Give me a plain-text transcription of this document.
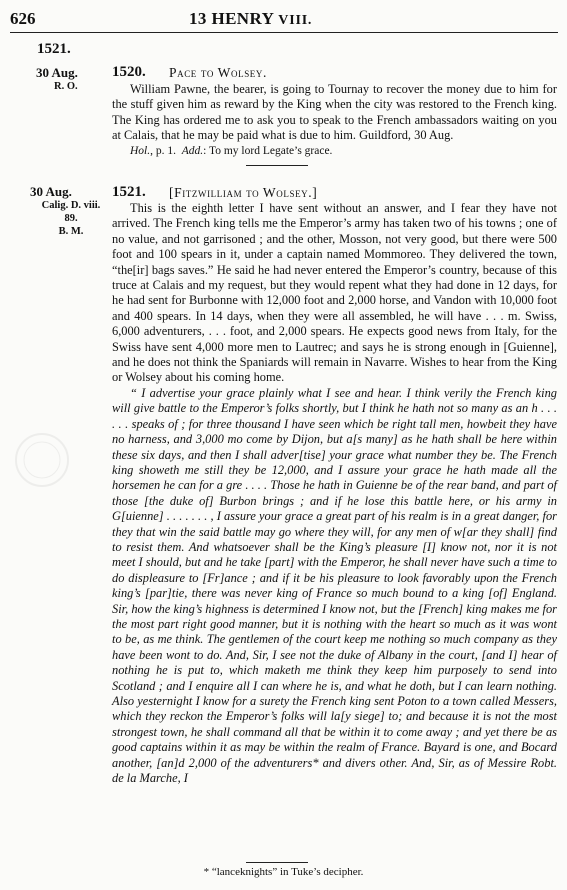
626	13 HENRY VIII.
1521.
30 Aug.
R. O.
1520. Pace to Wolsey.

William Pawne, the bearer, is going to Tournay to recover the money due to him for the stuff given him as reward by the King when the city was restored to the French king. The King has ordered me to ask you to speak to the French ambassadors waiting on you at Calais, that he may be paid what is due to him. Guildford, 30 Aug.

Hol., p. 1. Add.: To my lord Legate’s grace.

30 Aug.
Calig. D. viii.
89.
B. M.
1521. [Fitzwilliam to Wolsey.]

This is the eighth letter I have sent without an answer, and I fear they have not arrived. The French king tells me the Emperor’s army has taken two of his towns ; one of no value, and not garrisoned ; and the other, Mosson, not very good, but there were 500 foot and 100 spears in it, under a captain named Mommoreo. They delivered the town, “the[ir] bags saves.” He said he had never entered the Emperor’s country, because of this truce at Calais and my request, but they would repent what they had done in 12 days, for he had sent for Burbonne with 12,000 foot and 2,000 horse, and Vandon with 10,000 foot and 400 spears. In 14 days, when they were all assembled, he will have . . . m. Swiss, 6,000 adventurers, . . . foot, and 2,000 spears. He expects good news from Italy, for the Swiss have sent 4,000 more men to Lautrec; and says he is strong enough in [Guienne], and he does not think the Spaniards will remain in Navarre. Wishes to hear from the King or Wolsey about his coming home.

“ I advertise your grace plainly what I see and hear. I think verily the French king will give battle to the Emperor’s folks shortly, but I think he hath not so many as an h . . . . . . speaks of ; for three thousand I have seen which be right tall men, howbeit they have no harness, and 3,000 mo come by Dijon, but a[s many] as he hath shall be here within these six days, and then I shall adver[tise] your grace what number they be. The French king showeth me still they be 12,000, and I assure your grace he hath made all the horsemen he can for a gre . . . . Those he hath in Guienne be of the rear band, and part of those [the duke of] Burbon brings ; and if he lose this battle here, or his army in G[uienne] . . . . . . . , I assure your grace a great part of his realm is in a great danger, for they that win the said battle may go where they will, for any men of w[ar they shall] find to resist them. And whatsoever shall be the King’s pleasure [I] know not, nor it is not meet I should, but and he take [part] with the Emperor, he shall never have such a time to do displeasure to [Fr]ance ; and if it be his pleasure to look favorably upon the French king’s [par]tie, there was never king of France so much bound to a king [of] England. Sir, how the king’s highness is determined I know not, but the [French] king makes me for the most part right good manner, but it is nothing with the heart so much as it was wont to be, as me think. The gentlemen of the court keep me nothing so much company as they have been wont to do. And, Sir, I see not the duke of Albany in the court, [and I] hear of nothing he is put to, which maketh me think they keep him purposely to send into Scotland ; and I enquire all I can where he is, and what he doth, but I can learn nothing. Also yesternight I know for a surety the French king sent Poton to a town called Messers, which they reckon the Emperor’s folks will la[y siege] to; and because it is not the most strongest town, he shall command all that be within it to come away ; and yet there be as good captains within it as may be within the realm of France. Bayard is one, and Bocard another, [an]d 2,000 of the adventurers* and divers other. And, Sir, as of Messire Robt. de la Marche, I

* “lanceknights” in Tuke’s decipher.
